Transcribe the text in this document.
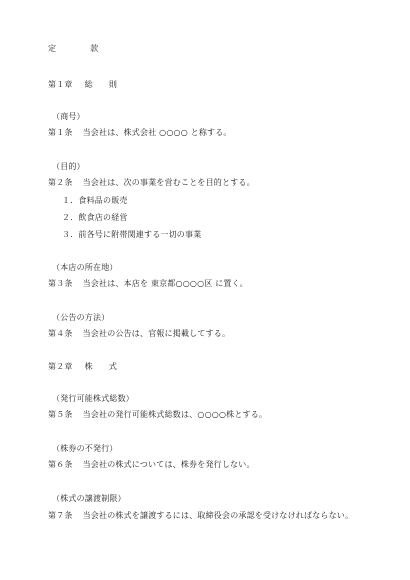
定	款
第１章 総 則
（商号）
第１条 当会社は、株式会社 ○○○○ と称する。
（目的）
第２条 当会社は、次の事業を営むことを目的とする。
１．食料品の販売
２．飲食店の経営
３．前各号に附帯関連する一切の事業
（本店の所在地）
第３条 当会社は、本店を 東京都○○○○区 に置く。
（公告の方法）
第４条 当会社の公告は、官報に掲載してする。
第２章 株 式
（発行可能株式総数）
第５条 当会社の発行可能株式総数は、○○○○株とする。
（株券の不発行）
第６条 当会社の株式については、株券を発行しない。
（株式の譲渡制限）
第７条 当会社の株式を譲渡するには、取締役会の承認を受けなければならない。
